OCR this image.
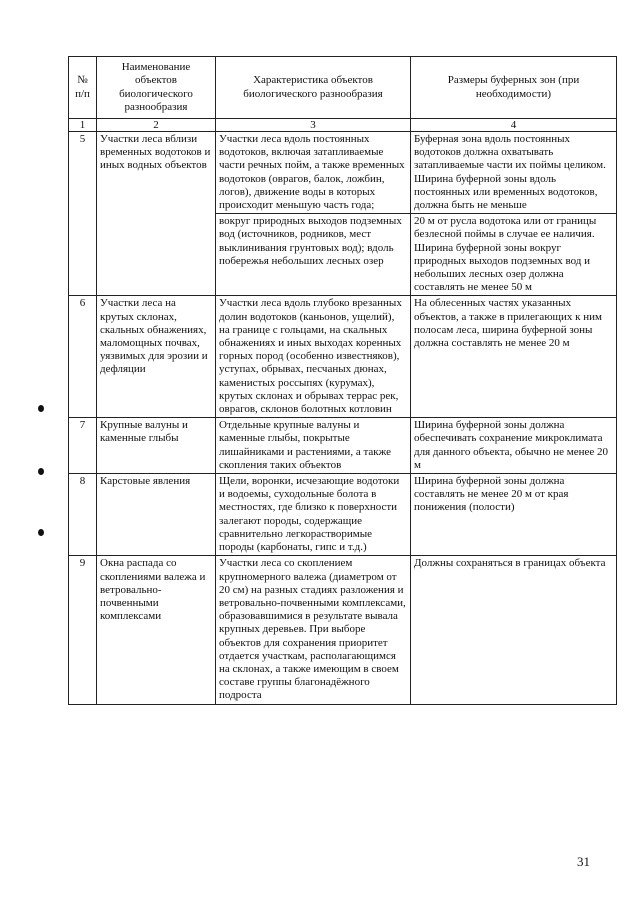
№ п/п	Наименование объектов биологического разнообразия	Характеристика объектов биологического разнообразия	Размеры буферных зон (при необходимости)
1	2	3	4
5	Участки леса вблизи временных водотоков и иных водных объектов	Участки леса вдоль постоянных водотоков, включая затапливаемые части речных пойм, а также временных водотоков (оврагов, балок, ложбин, логов), движение воды в которых происходит меньшую часть года;	Буферная зона вдоль постоянных водотоков должна охватывать затапливаемые части их поймы целиком. Ширина буферной зоны вдоль постоянных или временных водотоков, должна быть не меньше
		вокруг природных выходов подземных вод (источников, родников, мест выклинивания грунтовых вод); вдоль побережья небольших лесных озер	20 м от русла водотока или от границы безлесной поймы в случае ее наличия. Ширина буферной зоны вокруг природных выходов подземных вод и небольших лесных озер должна составлять не менее 50 м
6	Участки леса на крутых склонах, скальных обнажениях, маломощных почвах, уязвимых для эрозии и дефляции	Участки леса вдоль глубоко врезанных долин водотоков (каньонов, ущелий), на границе с гольцами, на скальных обнажениях и иных выходах коренных горных пород (особенно известняков), уступах, обрывах, песчаных дюнах, каменистых россыпях (курумах), крутых склонах и обрывах террас рек, оврагов, склонов болотных котловин	На облесенных частях указанных объектов, а также в прилегающих к ним полосам леса, ширина буферной зоны должна составлять не менее 20 м
7	Крупные валуны и каменные глыбы	Отдельные крупные валуны и каменные глыбы, покрытые лишайниками и растениями, а также скопления таких объектов	Ширина буферной зоны должна обеспечивать сохранение микроклимата для данного объекта, обычно не менее 20 м
8	Карстовые явления	Щели, воронки, исчезающие водотоки и водоемы, суходольные болота в местностях, где близко к поверхности залегают породы, содержащие сравнительно легкорастворимые породы (карбонаты, гипс и т.д.)	Ширина буферной зоны должна составлять не менее 20 м от края понижения (полости)
9	Окна распада со скоплениями валежа и ветровально-почвенными комплексами	Участки леса со скоплением крупномерного валежа (диаметром от 20 см) на разных стадиях разложения и ветровально-почвенными комплексами, образовавшимися в результате вывала крупных деревьев. При выборе объектов для сохранения приоритет отдается участкам, располагающимся на склонах, а также имеющим в своем составе группы благонадёжного подроста	Должны сохраняться в границах объекта
31
